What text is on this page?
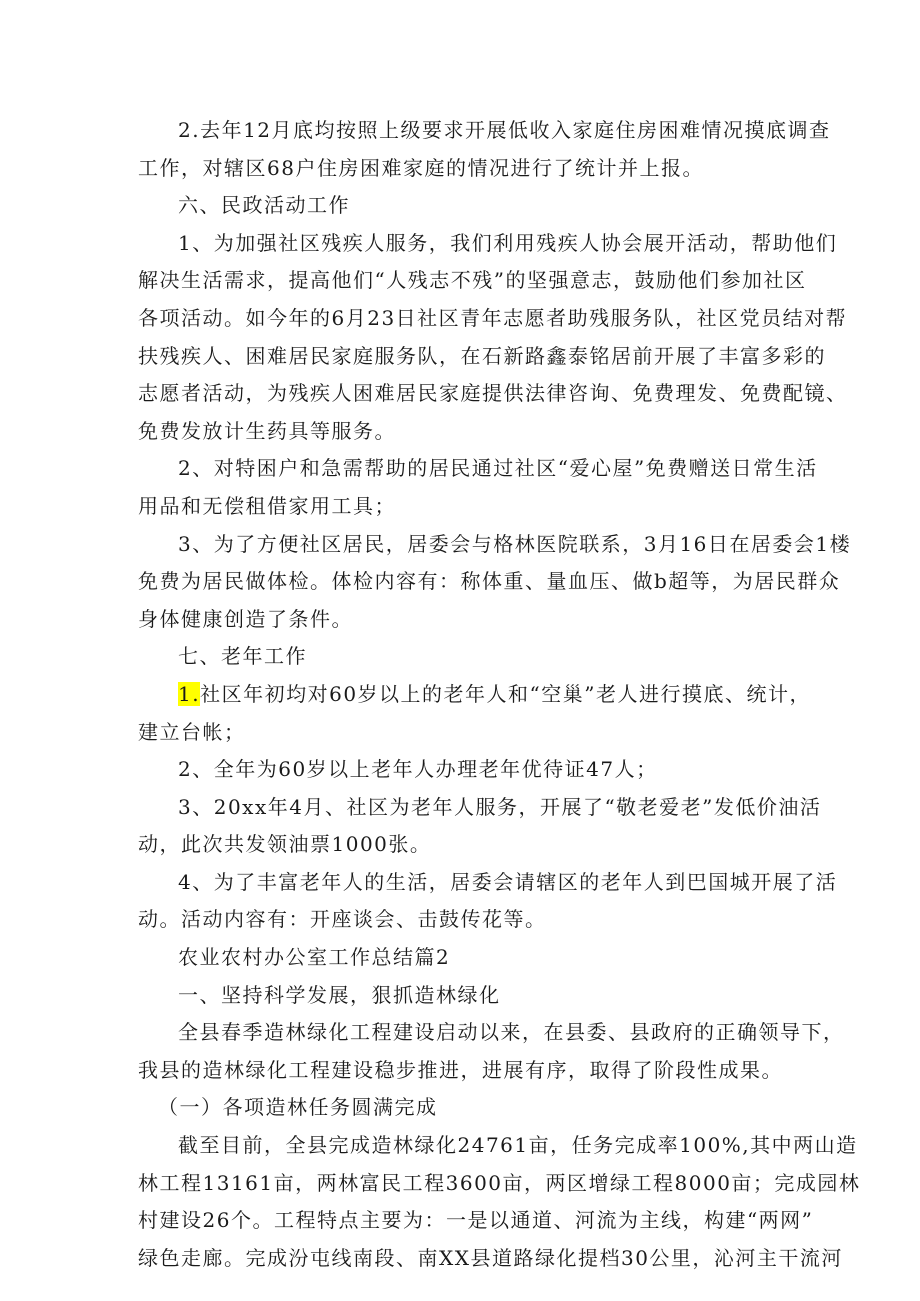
2.去年12月底均按照上级要求开展低收入家庭住房困难情况摸底调查
工作，对辖区68户住房困难家庭的情况进行了统计并上报。
六、民政活动工作
1、为加强社区残疾人服务，我们利用残疾人协会展开活动，帮助他们
解决生活需求，提高他们“人残志不残”的坚强意志，鼓励他们参加社区
各项活动。如今年的6月23日社区青年志愿者助残服务队，社区党员结对帮
扶残疾人、困难居民家庭服务队，在石新路鑫泰铭居前开展了丰富多彩的
志愿者活动，为残疾人困难居民家庭提供法律咨询、免费理发、免费配镜、
免费发放计生药具等服务。
2、对特困户和急需帮助的居民通过社区“爱心屋”免费赠送日常生活
用品和无偿租借家用工具；
3、为了方便社区居民，居委会与格林医院联系，3月16日在居委会1楼
免费为居民做体检。体检内容有：称体重、量血压、做b超等，为居民群众
身体健康创造了条件。
七、老年工作
1.社区年初均对60岁以上的老年人和“空巢”老人进行摸底、统计，
建立台帐；
2、全年为60岁以上老年人办理老年优待证47人；
3、20xx年4月、社区为老年人服务，开展了“敬老爱老”发低价油活
动，此次共发领油票1000张。
4、为了丰富老年人的生活，居委会请辖区的老年人到巴国城开展了活
动。活动内容有：开座谈会、击鼓传花等。
农业农村办公室工作总结篇2
一、坚持科学发展，狠抓造林绿化
全县春季造林绿化工程建设启动以来，在县委、县政府的正确领导下，
我县的造林绿化工程建设稳步推进，进展有序，取得了阶段性成果。
（一）各项造林任务圆满完成
截至目前，全县完成造林绿化24761亩，任务完成率100%,其中两山造
林工程13161亩，两林富民工程3600亩，两区增绿工程8000亩；完成园林
村建设26个。工程特点主要为：一是以通道、河流为主线，构建“两网”
绿色走廊。完成汾屯线南段、南XX县道路绿化提档30公里，沁河主干流河
